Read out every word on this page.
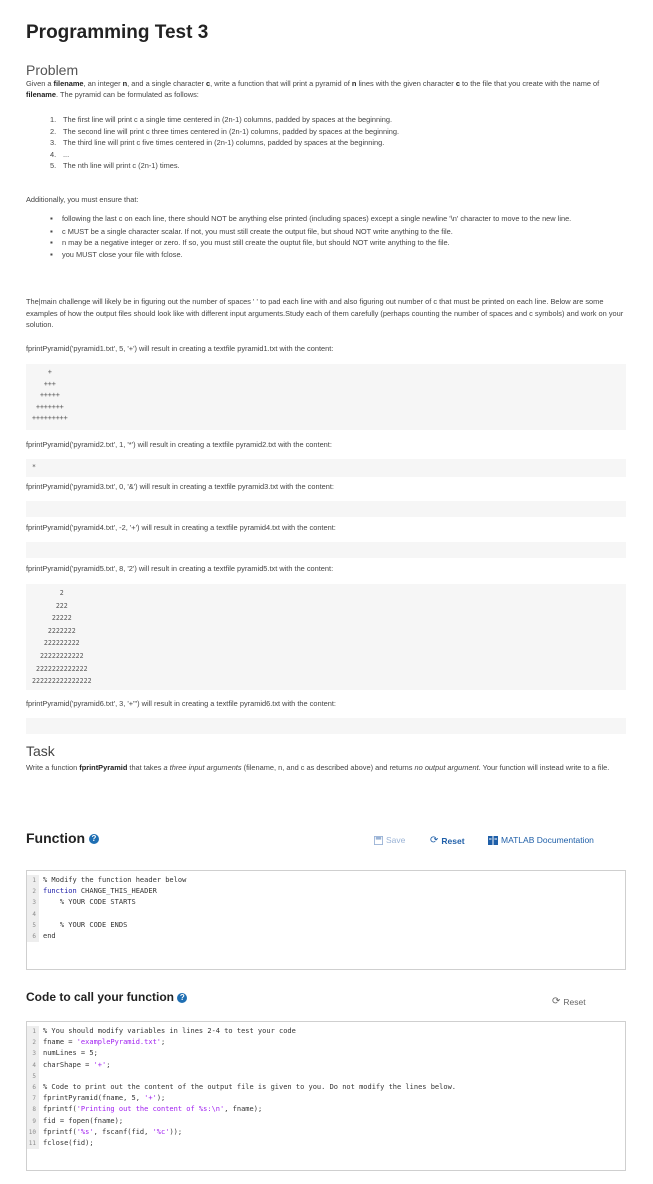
Programming Test 3
Problem
Given a filename, an integer n, and a single character c, write a function that will print a pyramid of n lines with the given character c to the file that you create with the name of filename. The pyramid can be formulated as follows:
1. The first line will print c a single time centered in (2n-1) columns, padded by spaces at the beginning.
2. The second line will print c three times centered in (2n-1) columns, padded by spaces at the beginning.
3. The third line will print c five times centered in (2n-1) columns, padded by spaces at the beginning.
4. ...
5. The nth line will print c (2n-1) times.
Additionally, you must ensure that:
▪	following the last c on each line, there should NOT be anything else printed (including spaces) except a single newline '\n' character to move to the new line.
▪	c MUST be a single character scalar. If not, you must still create the output file, but shoud NOT write anything to the file.
▪	n may be a negative integer or zero. If so, you must still create the ouptut file, but should NOT write anything to the file.
▪	you MUST close your file with fclose.
The|main challenge will likely be in figuring out the number of spaces ' ' to pad each line with and also figuring out number of c that must be printed on each line. Below are some examples of how the output files should look like with different input arguments.Study each of them carefully (perhaps counting the number of spaces and c symbols) and work on your solution.
fprintPyramid('pyramid1.txt', 5, '+') will result in creating a textfile pyramid1.txt with the content:
+
+++
+++++
+++++++
+++++++++
fprintPyramid('pyramid2.txt', 1, '*') will result in creating a textfile pyramid2.txt with the content:
*
fprintPyramid('pyramid3.txt', 0, '&') will result in creating a textfile pyramid3.txt with the content:
fprintPyramid('pyramid4.txt', -2, '+') will result in creating a textfile pyramid4.txt with the content:
fprintPyramid('pyramid5.txt', 8, '2') will result in creating a textfile pyramid5.txt with the content:
2
222
22222
2222222
222222222
22222222222
2222222222222
222222222222222
fprintPyramid('pyramid6.txt', 3, '+"') will result in creating a textfile pyramid6.txt with the content:
Task
Write a function fprintPyramid that takes a three input arguments (filename, n, and c as described above) and returns no output argument. Your function will instead write to a file.
Function ?	Save ⟳ Reset	MATLAB Documentation
1	% Modify the function header below
2	function CHANGE_THIS_HEADER
3	% YOUR CODE STARTS
4
5	% YOUR CODE ENDS
6	end
Code to call your function ?
1	% You should modify variables in lines 2-4 to test your code
2	fname = 'examplePyramid.txt';
3	numLines = 5;
4	charShape = '+';
5
6	% Code to print out the content of the output file is given to you. Do not modify the lines below.
7	fprintPyramid(fname, 5, '+');
8	fprintf('Printing out the content of %s:\n', fname);
9	fid = fopen(fname);
10	fprintf('%s', fscanf(fid, '%c'));
11	fclose(fid);
⟳ Reset
